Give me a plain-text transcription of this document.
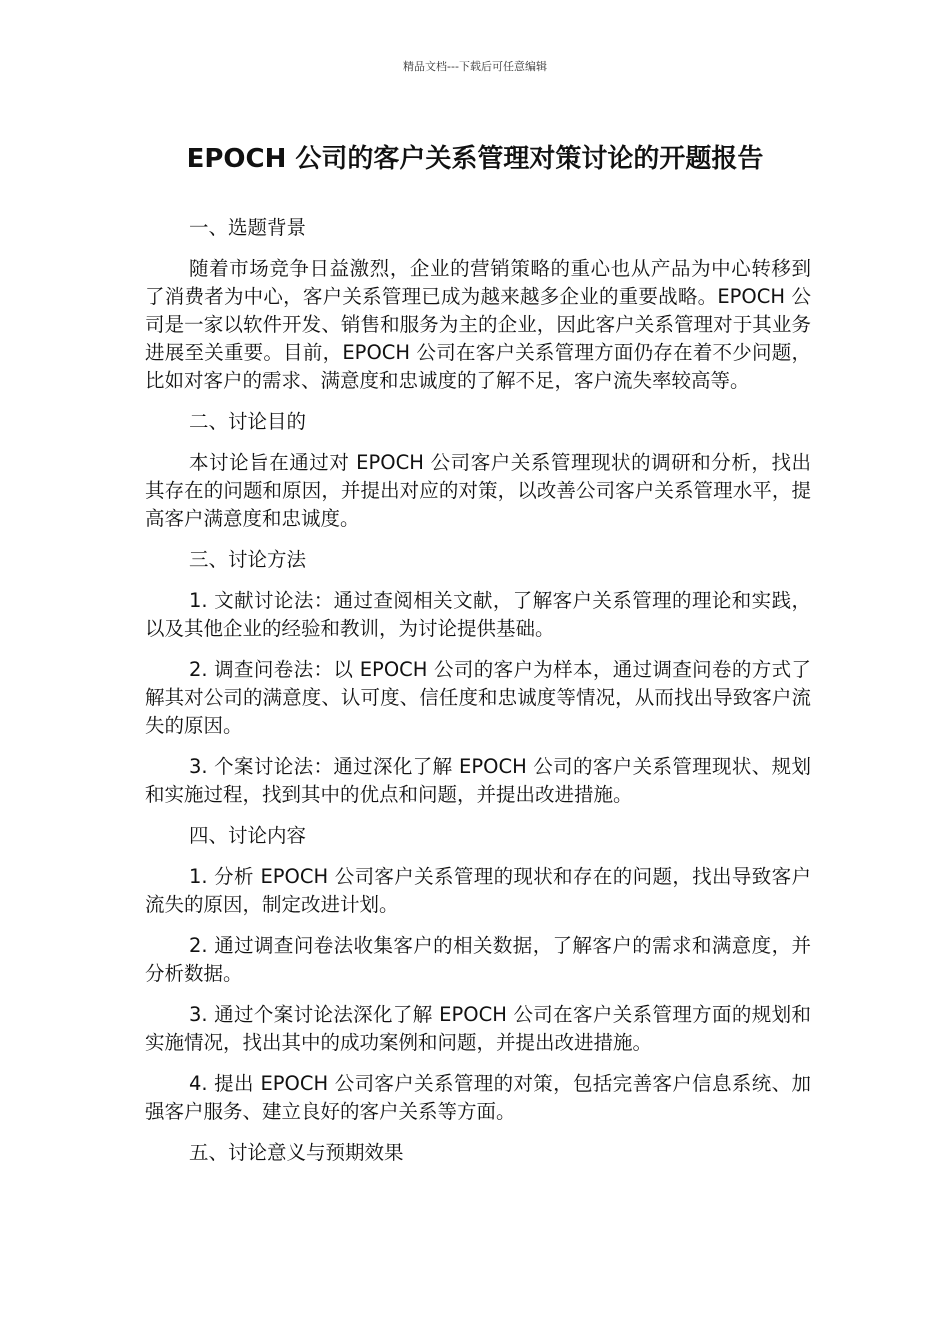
精品文档---下载后可任意编辑
EPOCH 公司的客户关系管理对策讨论的开题报告

一、选题背景

随着市场竞争日益激烈，企业的营销策略的重心也从产品为中心转移到了消费者为中心，客户关系管理已成为越来越多企业的重要战略。EPOCH 公司是一家以软件开发、销售和服务为主的企业，因此客户关系管理对于其业务进展至关重要。目前，EPOCH 公司在客户关系管理方面仍存在着不少问题，比如对客户的需求、满意度和忠诚度的了解不足，客户流失率较高等。

二、讨论目的

本讨论旨在通过对 EPOCH 公司客户关系管理现状的调研和分析，找出其存在的问题和原因，并提出对应的对策，以改善公司客户关系管理水平，提高客户满意度和忠诚度。

三、讨论方法

1. 文献讨论法：通过查阅相关文献，了解客户关系管理的理论和实践，以及其他企业的经验和教训，为讨论提供基础。

2. 调查问卷法：以 EPOCH 公司的客户为样本，通过调查问卷的方式了解其对公司的满意度、认可度、信任度和忠诚度等情况，从而找出导致客户流失的原因。

3. 个案讨论法：通过深化了解 EPOCH 公司的客户关系管理现状、规划和实施过程，找到其中的优点和问题，并提出改进措施。

四、讨论内容

1. 分析 EPOCH 公司客户关系管理的现状和存在的问题，找出导致客户流失的原因，制定改进计划。

2. 通过调查问卷法收集客户的相关数据，了解客户的需求和满意度，并分析数据。

3. 通过个案讨论法深化了解 EPOCH 公司在客户关系管理方面的规划和实施情况，找出其中的成功案例和问题，并提出改进措施。

4. 提出 EPOCH 公司客户关系管理的对策，包括完善客户信息系统、加强客户服务、建立良好的客户关系等方面。

五、讨论意义与预期效果
